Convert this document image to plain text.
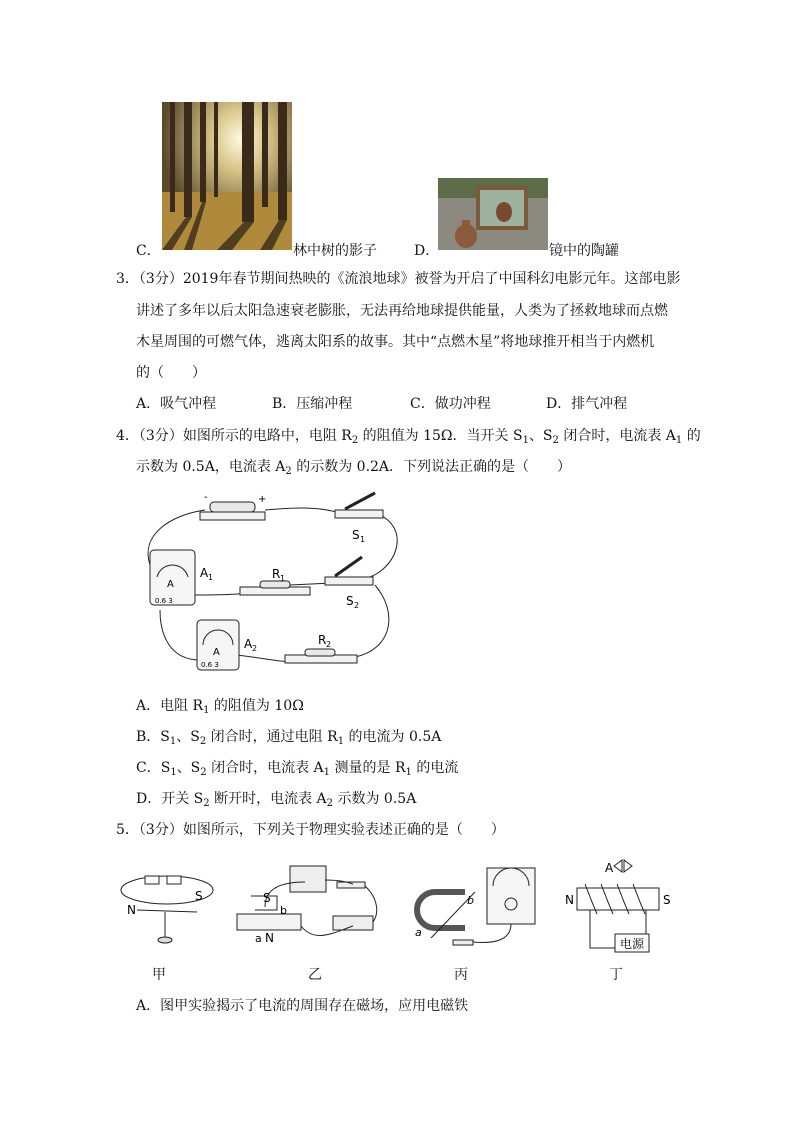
C．	林中树的影子	D．	镜中的陶罐
3．（3分）2019年春节期间热映的《流浪地球》被誉为开启了中国科幻电影元年。这部电影
讲述了多年以后太阳急速衰老膨胀，无法再给地球提供能量，人类为了拯救地球而点燃
木星周围的可燃气体，逃离太阳系的故事。其中“点燃木星”将地球推开相当于内燃机
的（　　）
A．吸气冲程	B．压缩冲程	C．做功冲程	D．排气冲程
4．（3分）如图所示的电路中，电阻 $R_2$ 的阻值为 15Ω．当开关 $S_1$、$S_2$ 闭合时，电流表 $A_1$ 的
示数为 0.5A，电流表 $A_2$ 的示数为 0.2A．下列说法正确的是（　　）
-	+
S 1
A
0.6 3
A 1	R 1
S 2
A
0.6 3
A 2
R 2
A．电阻 $R_1$ 的阻值为 10Ω
B．$S_1$、$S_2$ 闭合时，通过电阻 $R_1$ 的电流为 0.5A
C．$S_1$、$S_2$ 闭合时，电流表 $A_1$ 测量的是 $R_1$ 的电流
D．开关 $S_2$ 断开时，电流表 $A_2$ 示数为 0.5A
5．（3分）如图所示，下列关于物理实验表述正确的是（　　）
N
S	S
b
a N	a
b
A
N	S
电源
甲	乙	丙	丁
A．图甲实验揭示了电流的周围存在磁场，应用电磁铁
